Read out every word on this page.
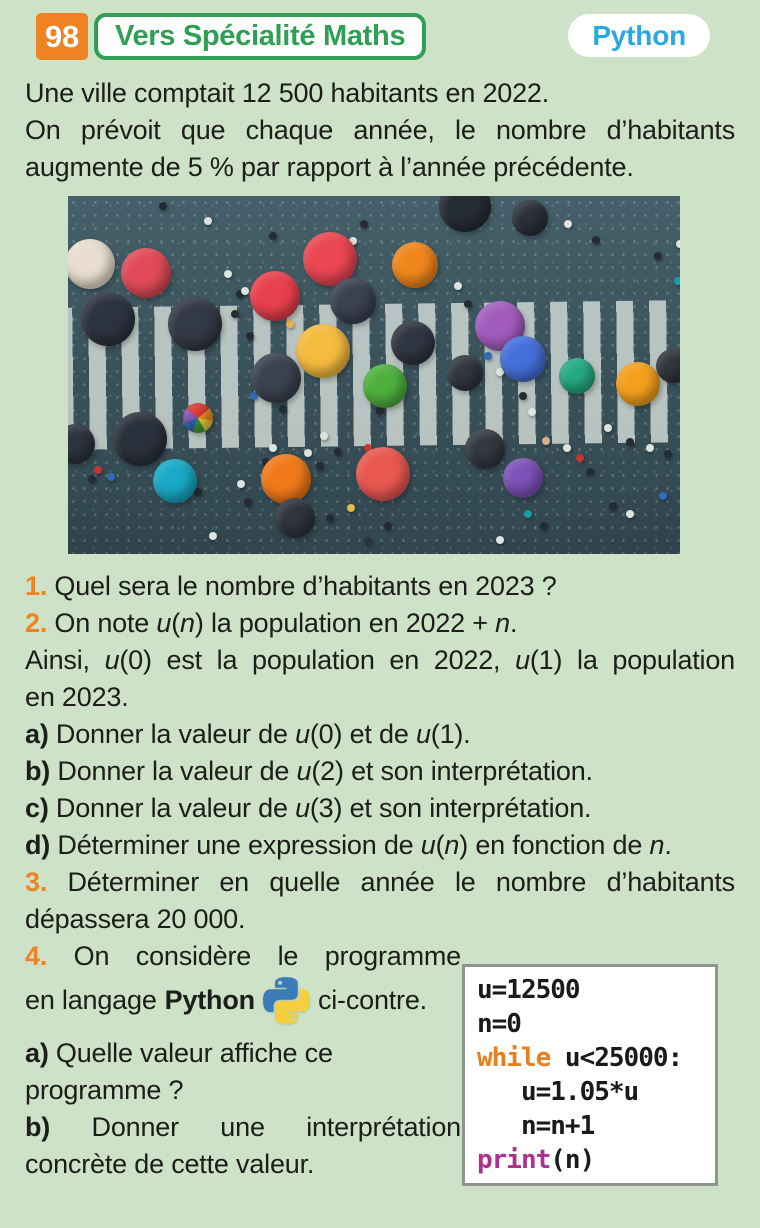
98	Vers Spécialité Maths	Python
Une ville comptait 12 500 habitants en 2022.
On prévoit que chaque année, le nombre d’habitants
augmente de 5 % par rapport à l’année précédente.
1. Quel sera le nombre d’habitants en 2023 ?
2. On note u(n) la population en 2022 + n.
Ainsi, u(0) est la population en 2022, u(1) la population
en 2023.
a) Donner la valeur de u(0) et de u(1).
b) Donner la valeur de u(2) et son interprétation.
c) Donner la valeur de u(3) et son interprétation.
d) Déterminer une expression de u(n) en fonction de n.
3. Déterminer en quelle année le nombre d’habitants
dépassera 20 000.
4. On considère le programme
en langage Python ci-contre.
a) Quelle valeur affiche ce
programme ?
b) Donner une interprétation
concrète de cette valeur.
u=12500
n=0
while u<25000:
u=1.05*u
n=n+1
print(n)
